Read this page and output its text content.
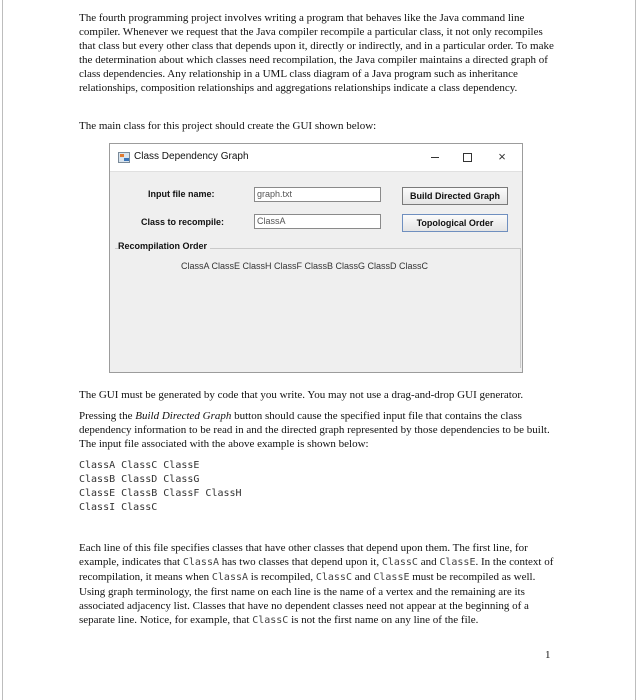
The fourth programming project involves writing a program that behaves like the Java command line compiler. Whenever we request that the Java compiler recompile a particular class, it not only recompiles that class but every other class that depends upon it, directly or indirectly, and in a particular order. To make the determination about which classes need recompilation, the Java compiler maintains a directed graph of class dependencies. Any relationship in a UML class diagram of a Java program such as inheritance relationships, composition relationships and aggregations relationships indicate a class dependency.
The main class for this project should create the GUI shown below:
Class Dependency Graph	×
Input file name:	graph.txt	Build Directed Graph
Class to recompile:	ClassA	Topological Order
Recompilation Order
ClassA ClassE ClassH ClassF ClassB ClassG ClassD ClassC
The GUI must be generated by code that you write. You may not use a drag-and-drop GUI generator.
Pressing the Build Directed Graph button should cause the specified input file that contains the class dependency information to be read in and the directed graph represented by those dependencies to be built. The input file associated with the above example is shown below:
ClassA ClassC ClassE
ClassB ClassD ClassG
ClassE ClassB ClassF ClassH
ClassI ClassC
Each line of this file specifies classes that have other classes that depend upon them. The first line, for example, indicates that ClassA has two classes that depend upon it, ClassC and ClassE. In the context of recompilation, it means when ClassA is recompiled, ClassC and ClassE must be recompiled as well. Using graph terminology, the first name on each line is the name of a vertex and the remaining are its associated adjacency list. Classes that have no dependent classes need not appear at the beginning of a separate line. Notice, for example, that ClassC is not the first name on any line of the file.
1
